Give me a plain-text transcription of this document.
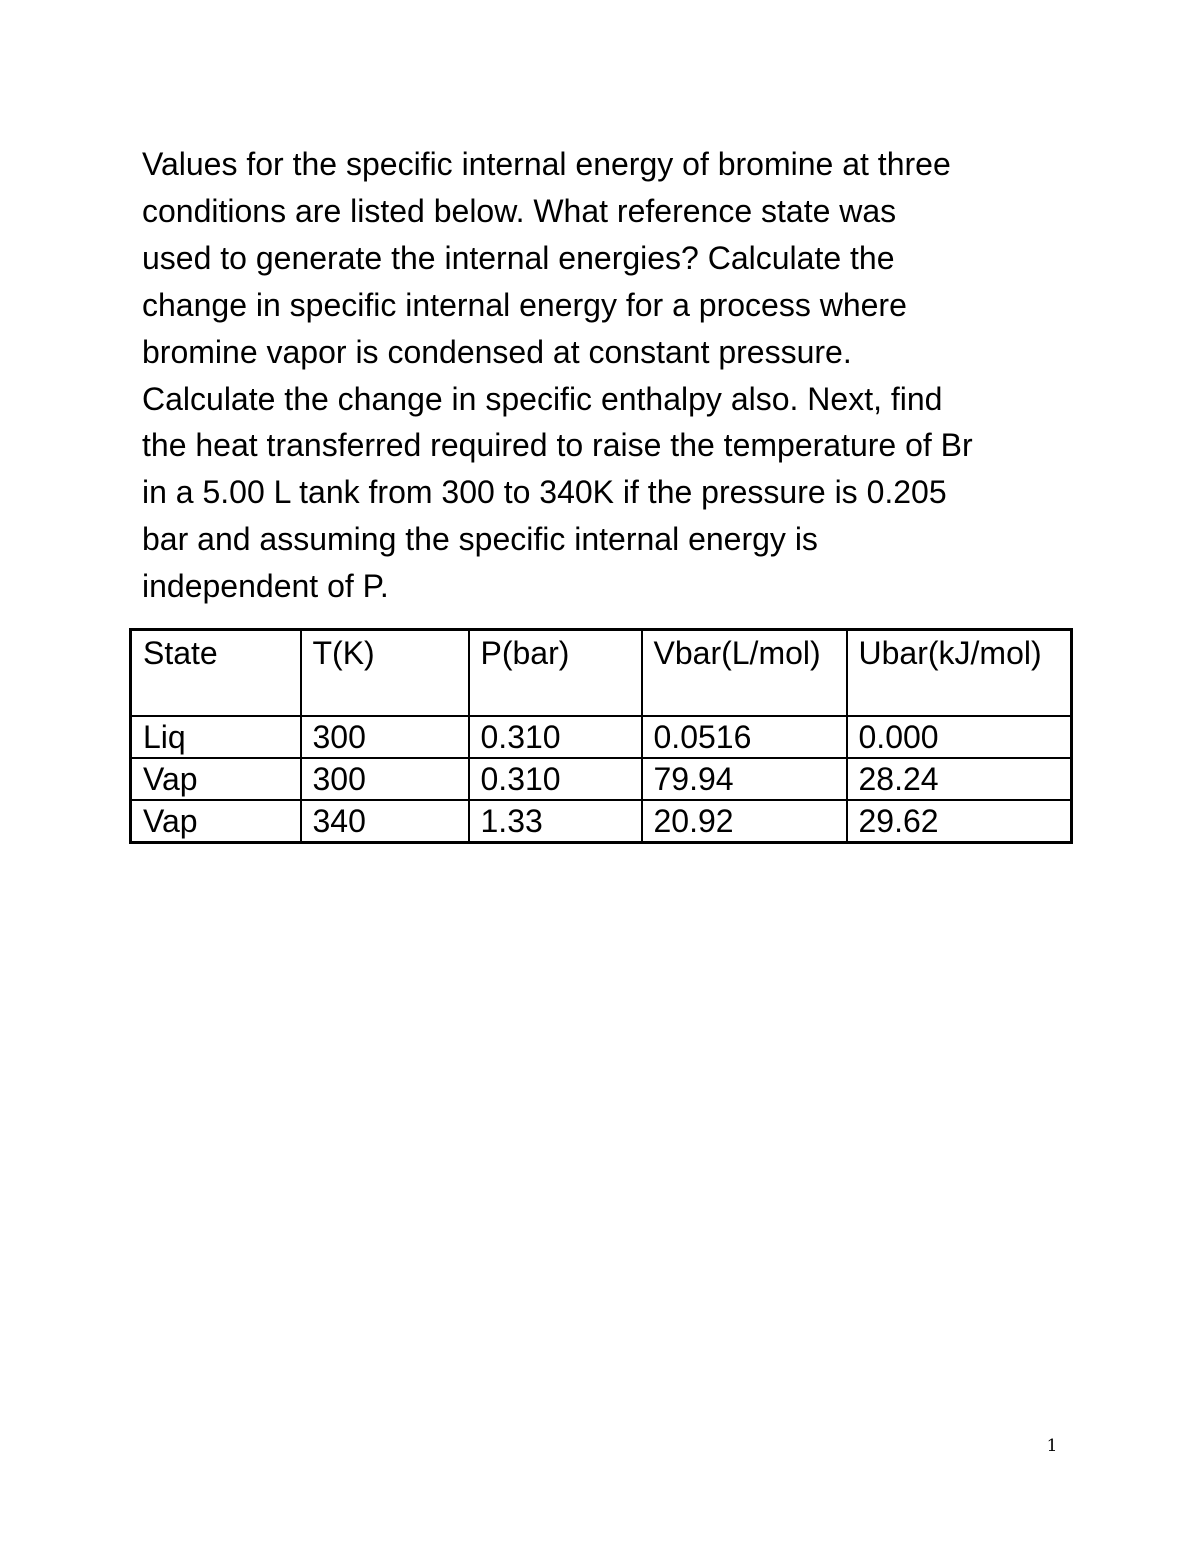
Values for the specific internal energy of bromine at three
conditions are listed below. What reference state was
used to generate the internal energies? Calculate the
change in specific internal energy for a process where
bromine vapor is condensed at constant pressure.
Calculate the change in specific enthalpy also. Next, find
the heat transferred required to raise the temperature of Br
in a 5.00 L tank from 300 to 340K if the pressure is 0.205
bar and assuming the specific internal energy is
independent of P.
State	T(K)	P(bar)	Vbar(L/mol)	Ubar(kJ/mol)
Liq	300	0.310	0.0516	0.000
Vap	300	0.310	79.94	28.24
Vap	340	1.33	20.92	29.62
1
